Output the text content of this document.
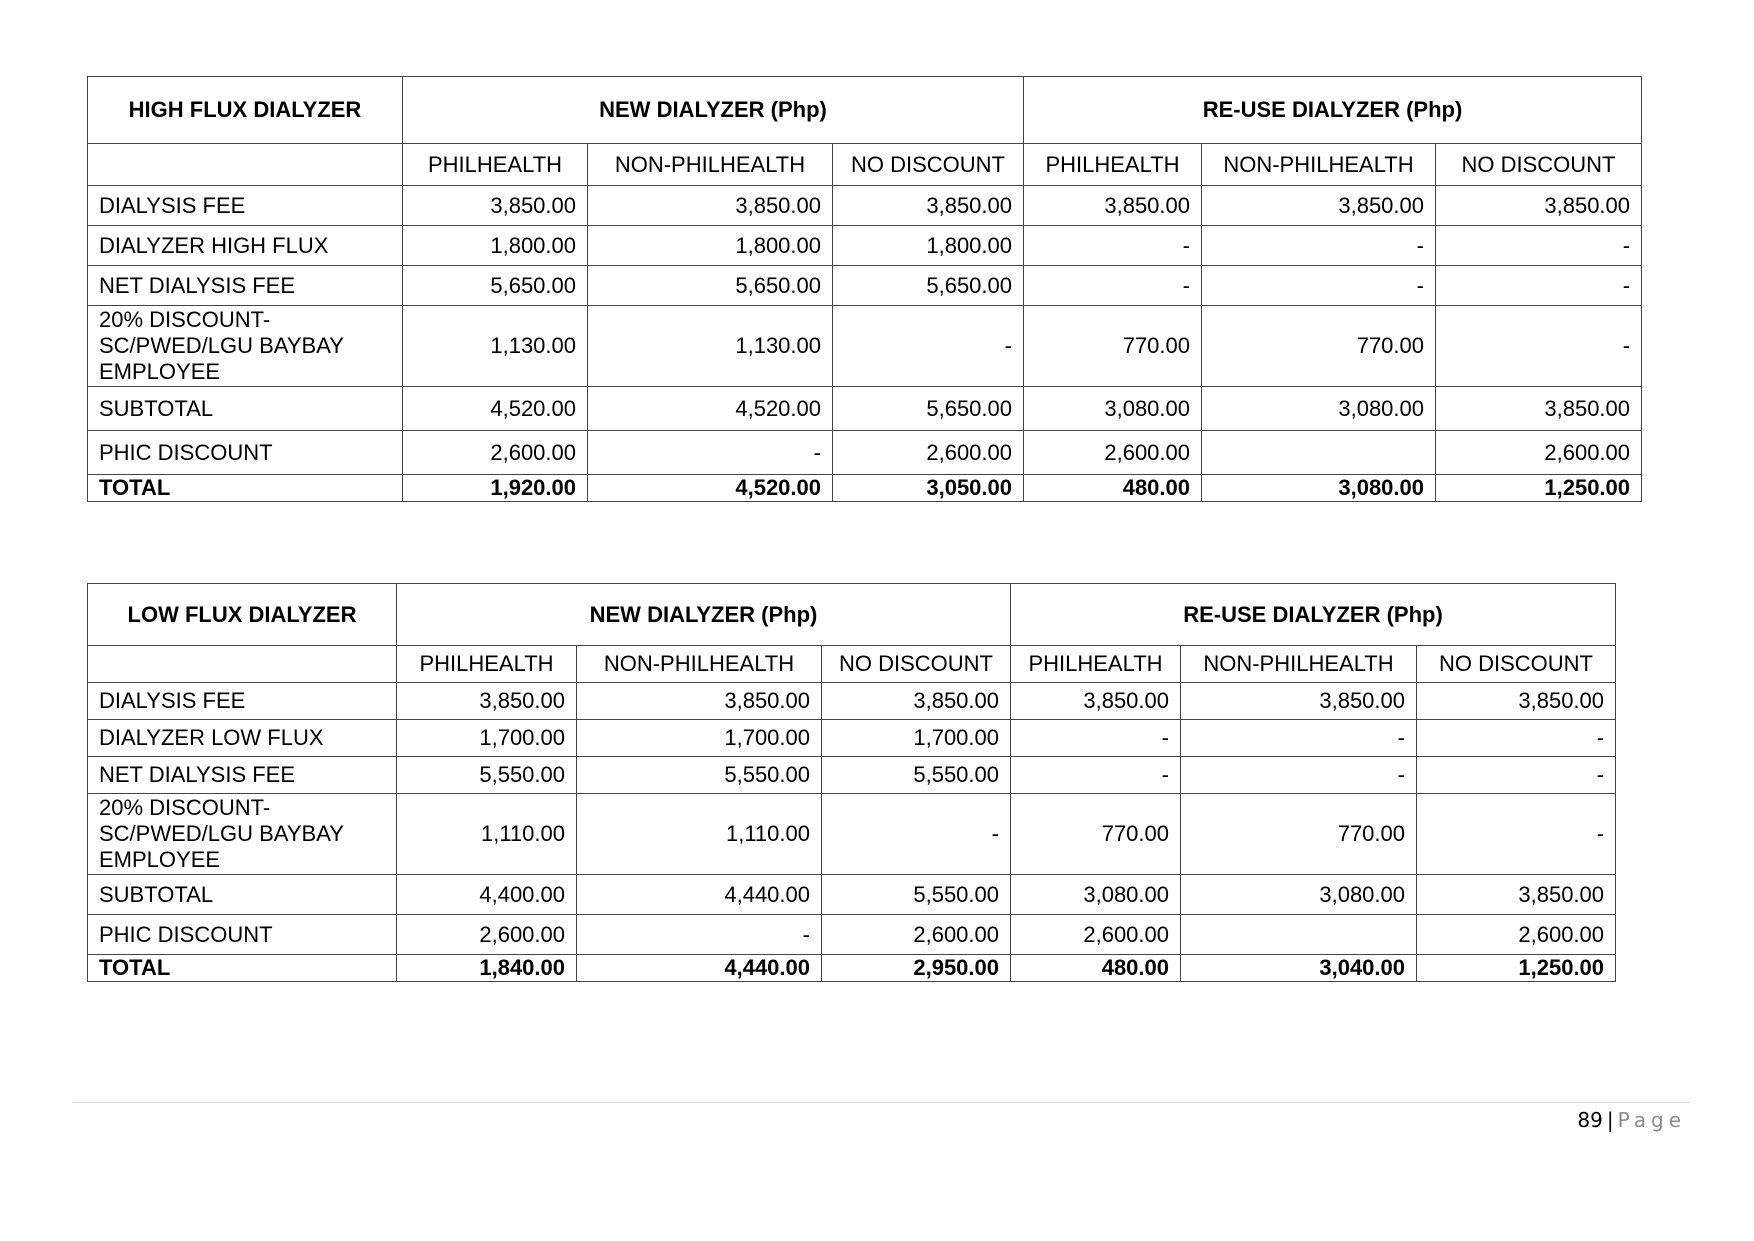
HIGH FLUX DIALYZER	NEW DIALYZER (Php)			RE-USE DIALYZER (Php)		
	PHILHEALTH	NON-PHILHEALTH	NO DISCOUNT	PHILHEALTH	NON-PHILHEALTH	NO DISCOUNT

DIALYSIS FEE	3,850.00	3,850.00	3,850.00	3,850.00	3,850.00	3,850.00

DIALYZER HIGH FLUX	1,800.00	1,800.00	1,800.00	-	-	-

NET DIALYSIS FEE	5,650.00	5,650.00	5,650.00	-	-	-

20% DISCOUNT-
SC/PWED/LGU BAYBAY
EMPLOYEE	1,130.00	1,130.00	-	770.00	770.00	-

SUBTOTAL	4,520.00	4,520.00	5,650.00	3,080.00	3,080.00	3,850.00

PHIC DISCOUNT	2,600.00	-	2,600.00	2,600.00		2,600.00

TOTAL	1,920.00	4,520.00	3,050.00	480.00	3,080.00	1,250.00
LOW FLUX DIALYZER	NEW DIALYZER (Php)			RE-USE DIALYZER (Php)		
	PHILHEALTH	NON-PHILHEALTH	NO DISCOUNT	PHILHEALTH	NON-PHILHEALTH	NO DISCOUNT

DIALYSIS FEE	3,850.00	3,850.00	3,850.00	3,850.00	3,850.00	3,850.00

DIALYZER LOW FLUX	1,700.00	1,700.00	1,700.00	-	-	-

NET DIALYSIS FEE	5,550.00	5,550.00	5,550.00	-	-	-

20% DISCOUNT-
SC/PWED/LGU BAYBAY
EMPLOYEE	1,110.00	1,110.00	-	770.00	770.00	-

SUBTOTAL	4,400.00	4,440.00	5,550.00	3,080.00	3,080.00	3,850.00

PHIC DISCOUNT	2,600.00	-	2,600.00	2,600.00		2,600.00

TOTAL	1,840.00	4,440.00	2,950.00	480.00	3,040.00	1,250.00
89 | Page
